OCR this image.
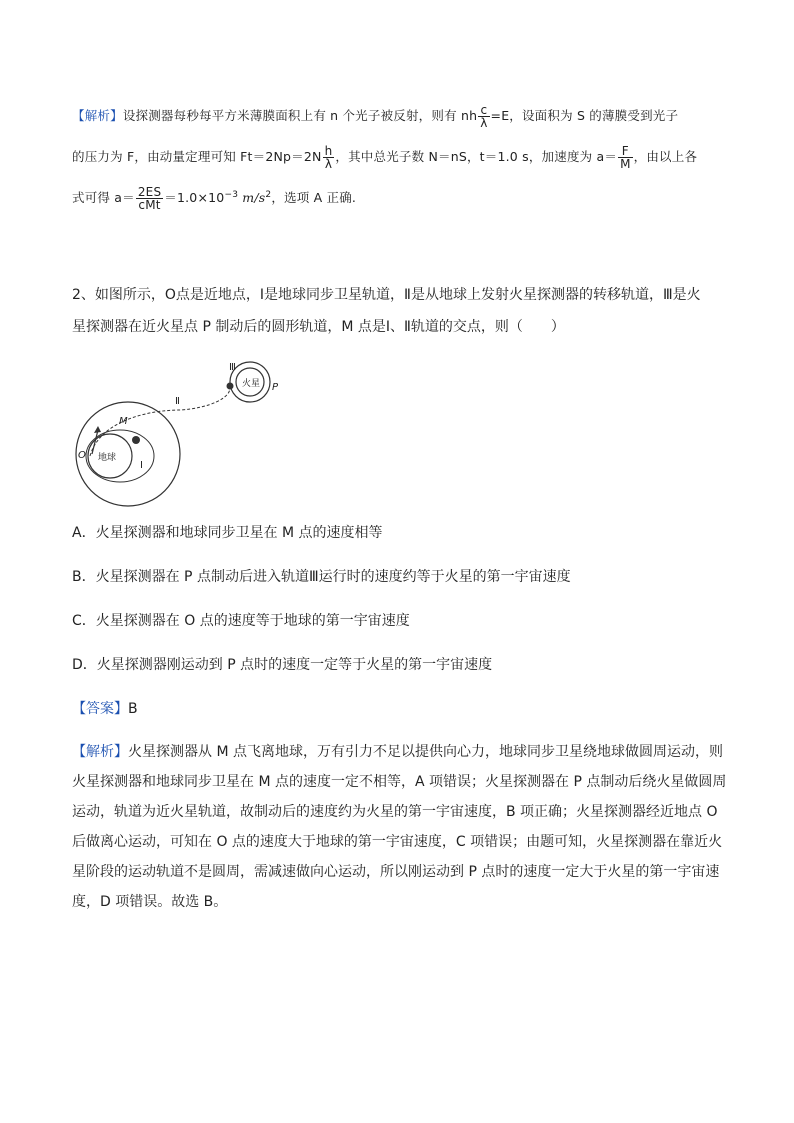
【解析】设探测器每秒每平方米薄膜面积上有 n 个光子被反射，则有 nh $\frac{c}{\lambda} =E$，设面积为 S 的薄膜受到光子
的压力为 F，由动量定理可知 $Ft=2Np=2N \frac{h}{\lambda}$ ，其中总光子数 N＝nS，t＝1.0 s，加速度为 $a= \frac{F}{M}$ ，由以上各
式可得 $a= \frac{2ES}{\text{cMt}} =1.0\times 10^{-3}$ $m/s^2$，选项 A 正确.
2、如图所示，O点是近地点，Ⅰ是地球同步卫星轨道，Ⅱ是从地球上发射火星探测器的转移轨道，Ⅲ是火
星探测器在近火星点 P 制动后的圆形轨道，M 点是Ⅰ、Ⅱ轨道的交点，则（　　）
Ⅲ
火星 P
Ⅱ
M
O 地球
Ⅰ
A．火星探测器和地球同步卫星在 M 点的速度相等
B．火星探测器在 P 点制动后进入轨道Ⅲ运行时的速度约等于火星的第一宇宙速度
C．火星探测器在 O 点的速度等于地球的第一宇宙速度
D．火星探测器刚运动到 P 点时的速度一定等于火星的第一宇宙速度
【答案】B
【解析】火星探测器从 M 点飞离地球，万有引力不足以提供向心力，地球同步卫星绕地球做圆周运动，则火星探测器和地球同步卫星在 M 点的速度一定不相等，A 项错误；火星探测器在 P 点制动后绕火星做圆周运动，轨道为近火星轨道，故制动后的速度约为火星的第一宇宙速度，B 项正确；火星探测器经近地点 O 后做离心运动，可知在 O 点的速度大于地球的第一宇宙速度，C 项错误；由题可知，火星探测器在靠近火星阶段的运动轨道不是圆周，需减速做向心运动，所以刚运动到 P 点时的速度一定大于火星的第一宇宙速度，D 项错误。故选 B。
